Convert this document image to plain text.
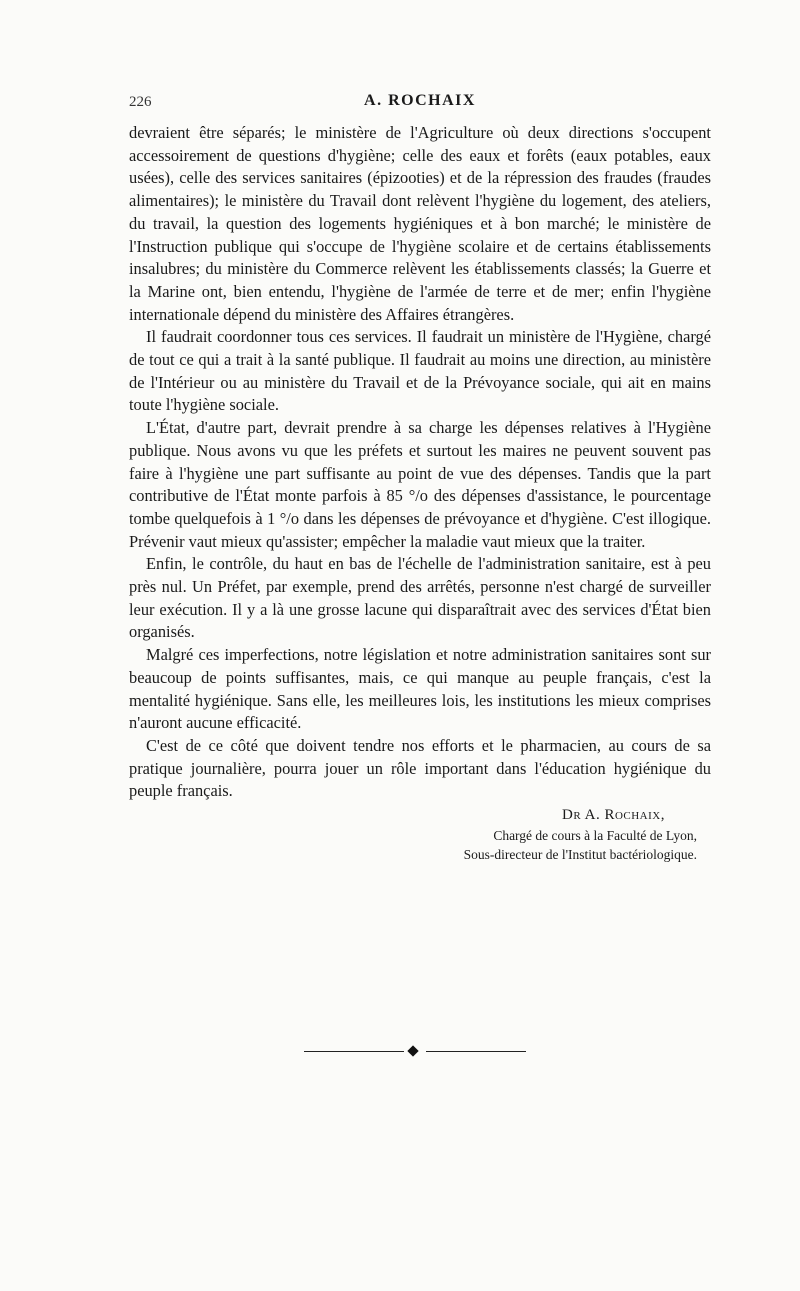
226	A. ROCHAIX

devraient être séparés; le ministère de l'Agriculture où deux directions s'occupent accessoirement de questions d'hygiène; celle des eaux et forêts (eaux potables, eaux usées), celle des services sanitaires (épizooties) et de la répression des fraudes (fraudes alimentaires); le ministère du Travail dont relèvent l'hygiène du logement, des ateliers, du travail, la question des logements hygiéniques et à bon marché; le ministère de l'Instruction publique qui s'occupe de l'hygiène scolaire et de certains établissements insalubres; du ministère du Commerce relèvent les établissements classés; la Guerre et la Marine ont, bien entendu, l'hygiène de l'armée de terre et de mer; enfin l'hygiène internationale dépend du ministère des Affaires étrangères.

Il faudrait coordonner tous ces services. Il faudrait un ministère de l'Hygiène, chargé de tout ce qui a trait à la santé publique. Il faudrait au moins une direction, au ministère de l'Intérieur ou au ministère du Travail et de la Prévoyance sociale, qui ait en mains toute l'hygiène sociale.

L'État, d'autre part, devrait prendre à sa charge les dépenses relatives à l'Hygiène publique. Nous avons vu que les préfets et surtout les maires ne peuvent souvent pas faire à l'hygiène une part suffisante au point de vue des dépenses. Tandis que la part contributive de l'État monte parfois à 85 °/o des dépenses d'assistance, le pourcentage tombe quelquefois à 1 °/o dans les dépenses de prévoyance et d'hygiène. C'est illogique. Prévenir vaut mieux qu'assister; empêcher la maladie vaut mieux que la traiter.

Enfin, le contrôle, du haut en bas de l'échelle de l'administration sanitaire, est à peu près nul. Un Préfet, par exemple, prend des arrêtés, personne n'est chargé de surveiller leur exécution. Il y a là une grosse lacune qui disparaîtrait avec des services d'État bien organisés.

Malgré ces imperfections, notre législation et notre administration sanitaires sont sur beaucoup de points suffisantes, mais, ce qui manque au peuple français, c'est la mentalité hygiénique. Sans elle, les meilleures lois, les institutions les mieux comprises n'auront aucune efficacité.

C'est de ce côté que doivent tendre nos efforts et le pharmacien, au cours de sa pratique journalière, pourra jouer un rôle important dans l'éducation hygiénique du peuple français.

Dr A. Rochaix,
Chargé de cours à la Faculté de Lyon,
Sous-directeur de l'Institut bactériologique.
